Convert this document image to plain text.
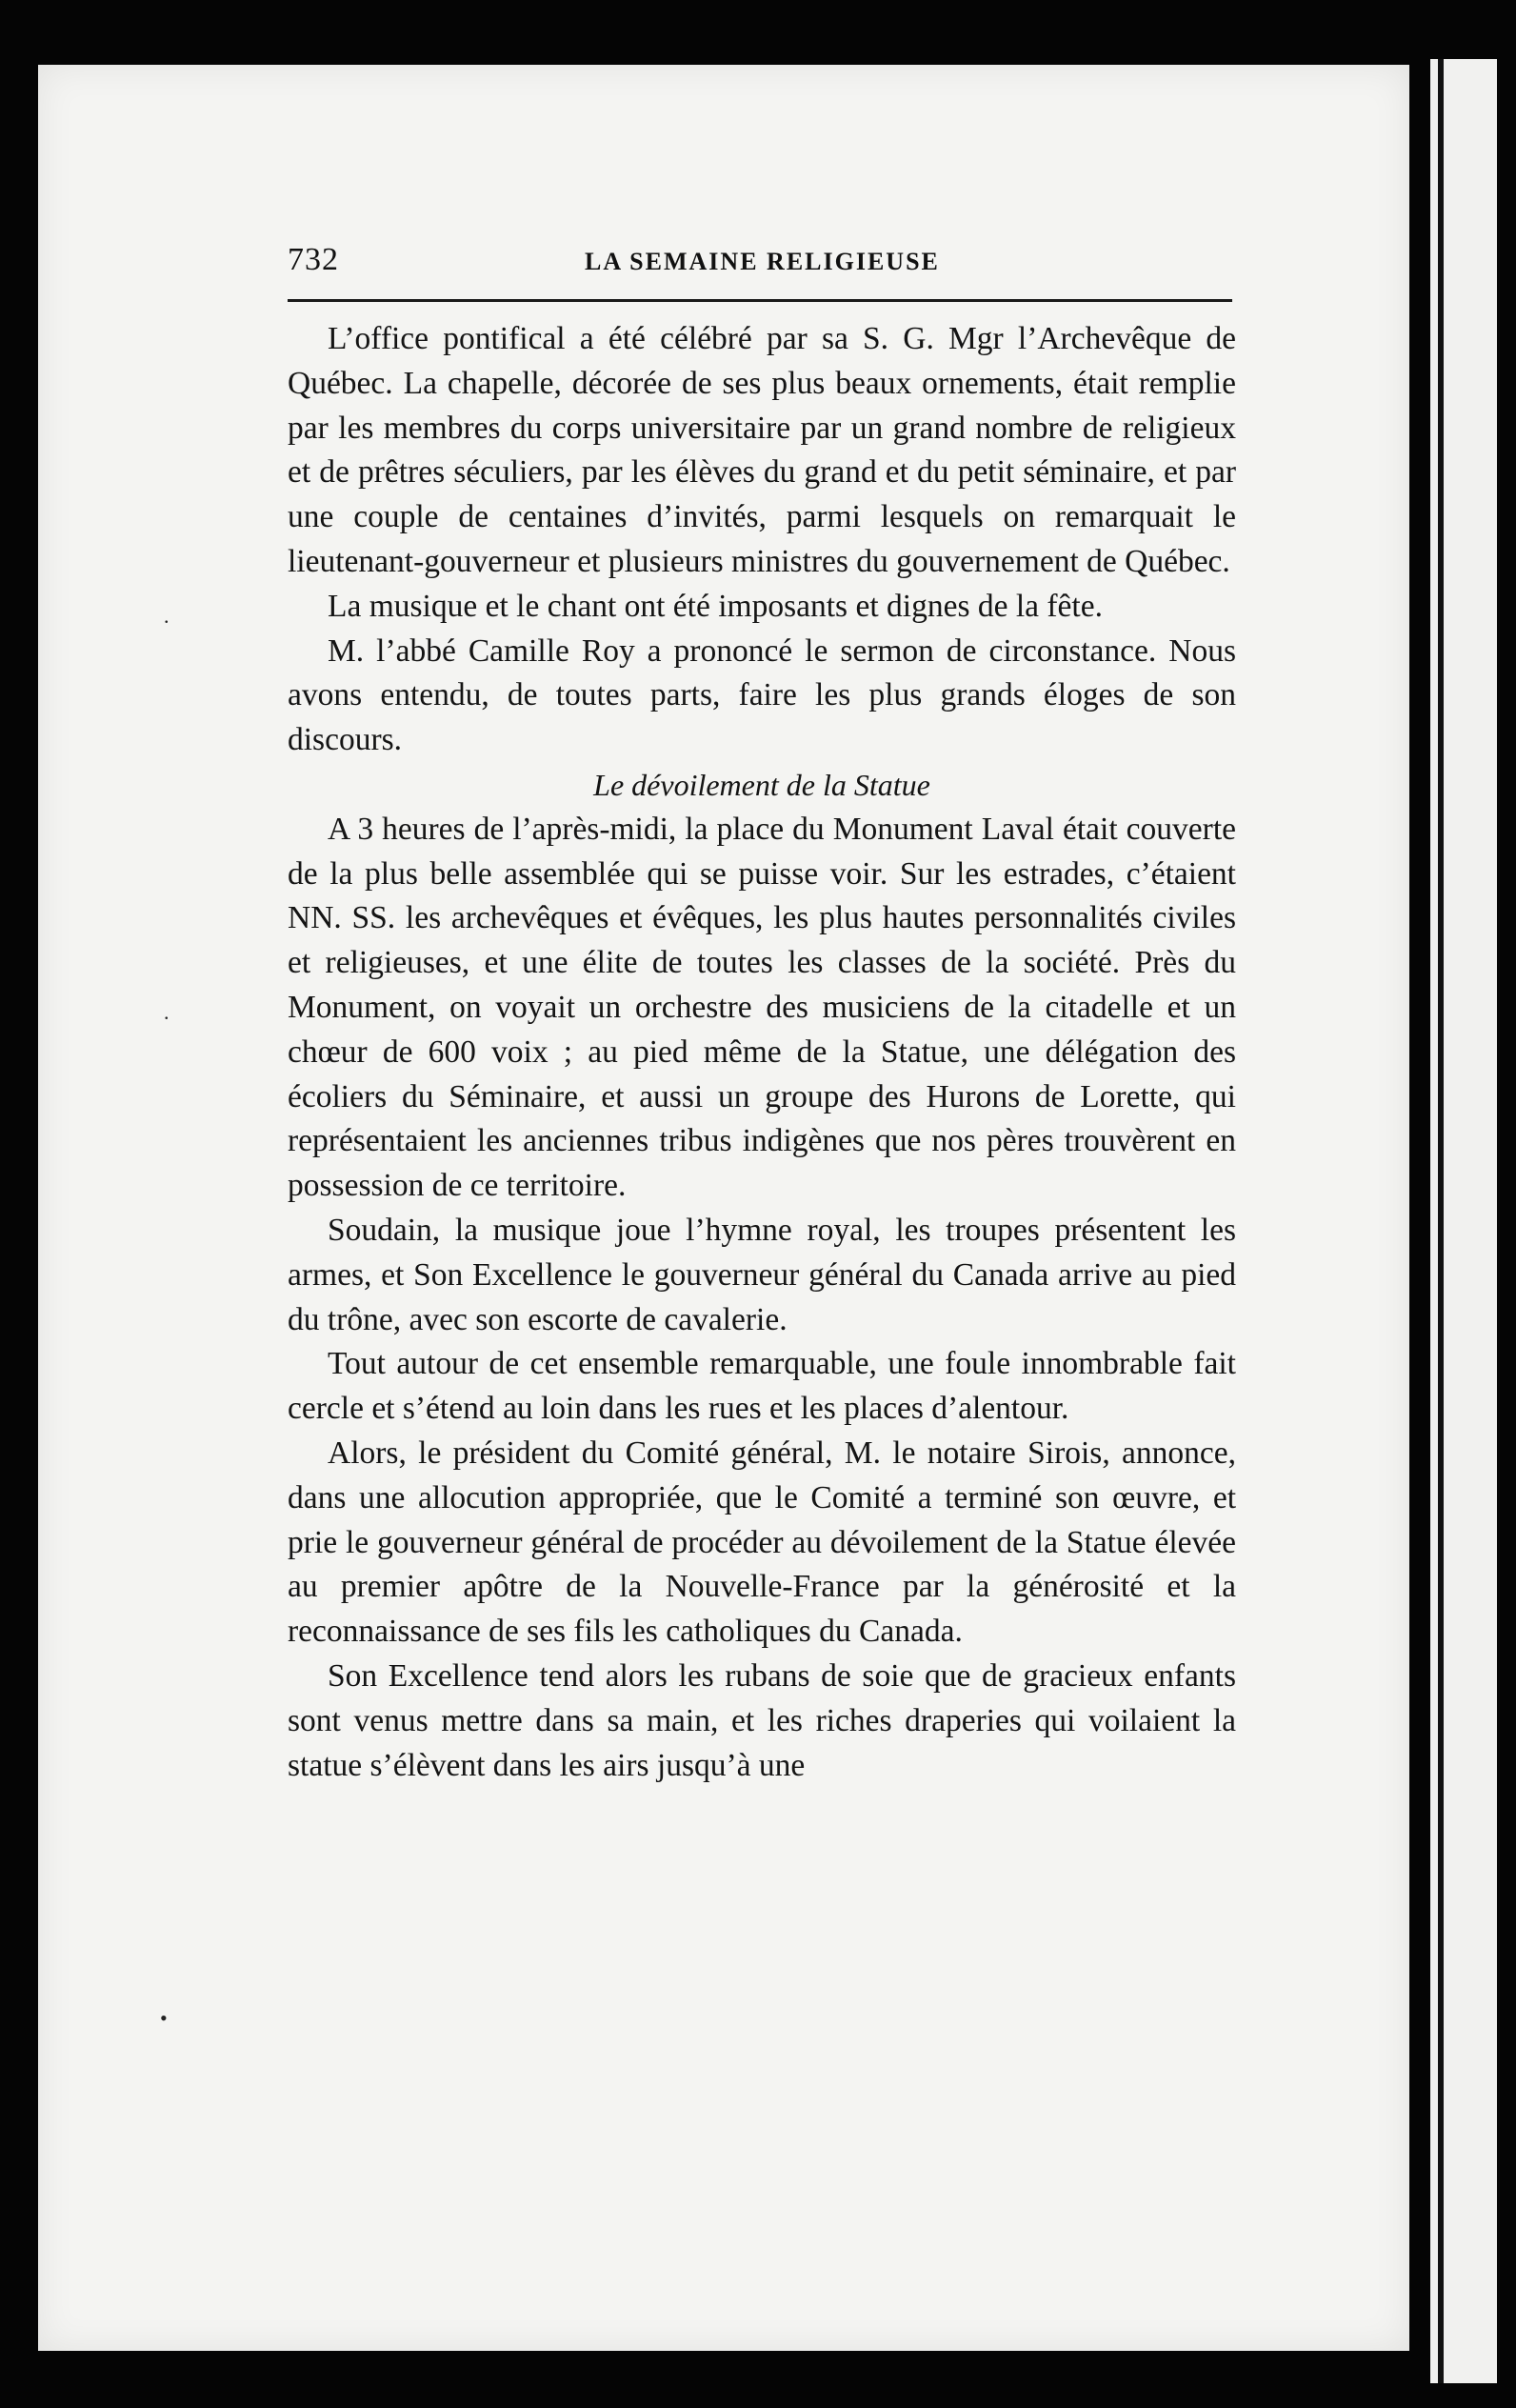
732	LA SEMAINE RELIGIEUSE

L’office pontifical a été célébré par sa S. G. Mgr l’Archevêque de Québec. La chapelle, décorée de ses plus beaux ornements, était remplie par les membres du corps universitaire par un grand nombre de religieux et de prêtres séculiers, par les élèves du grand et du petit séminaire, et par une couple de centaines d’invités, parmi lesquels on remarquait le lieutenant-gouverneur et plusieurs ministres du gouvernement de Québec.

La musique et le chant ont été imposants et dignes de la fête.

M. l’abbé Camille Roy a prononcé le sermon de circonstance. Nous avons entendu, de toutes parts, faire les plus grands éloges de son discours.

Le dévoilement de la Statue

A 3 heures de l’après-midi, la place du Monument Laval était couverte de la plus belle assemblée qui se puisse voir. Sur les estrades, c’étaient NN. SS. les archevêques et évêques, les plus hautes personnalités civiles et religieuses, et une élite de toutes les classes de la société. Près du Monument, on voyait un orchestre des musiciens de la citadelle et un chœur de 600 voix ; au pied même de la Statue, une délégation des écoliers du Séminaire, et aussi un groupe des Hurons de Lorette, qui représentaient les anciennes tribus indigènes que nos pères trouvèrent en possession de ce territoire.

Soudain, la musique joue l’hymne royal, les troupes présentent les armes, et Son Excellence le gouverneur général du Canada arrive au pied du trône, avec son escorte de cavalerie.

Tout autour de cet ensemble remarquable, une foule innombrable fait cercle et s’étend au loin dans les rues et les places d’alentour.

Alors, le président du Comité général, M. le notaire Sirois, annonce, dans une allocution appropriée, que le Comité a terminé son œuvre, et prie le gouverneur général de procéder au dévoilement de la Statue élevée au premier apôtre de la Nouvelle-France par la générosité et la reconnaissance de ses fils les catholiques du Canada.

Son Excellence tend alors les rubans de soie que de gracieux enfants sont venus mettre dans sa main, et les riches draperies qui voilaient la statue s’élèvent dans les airs jusqu’à une

.
.
•
